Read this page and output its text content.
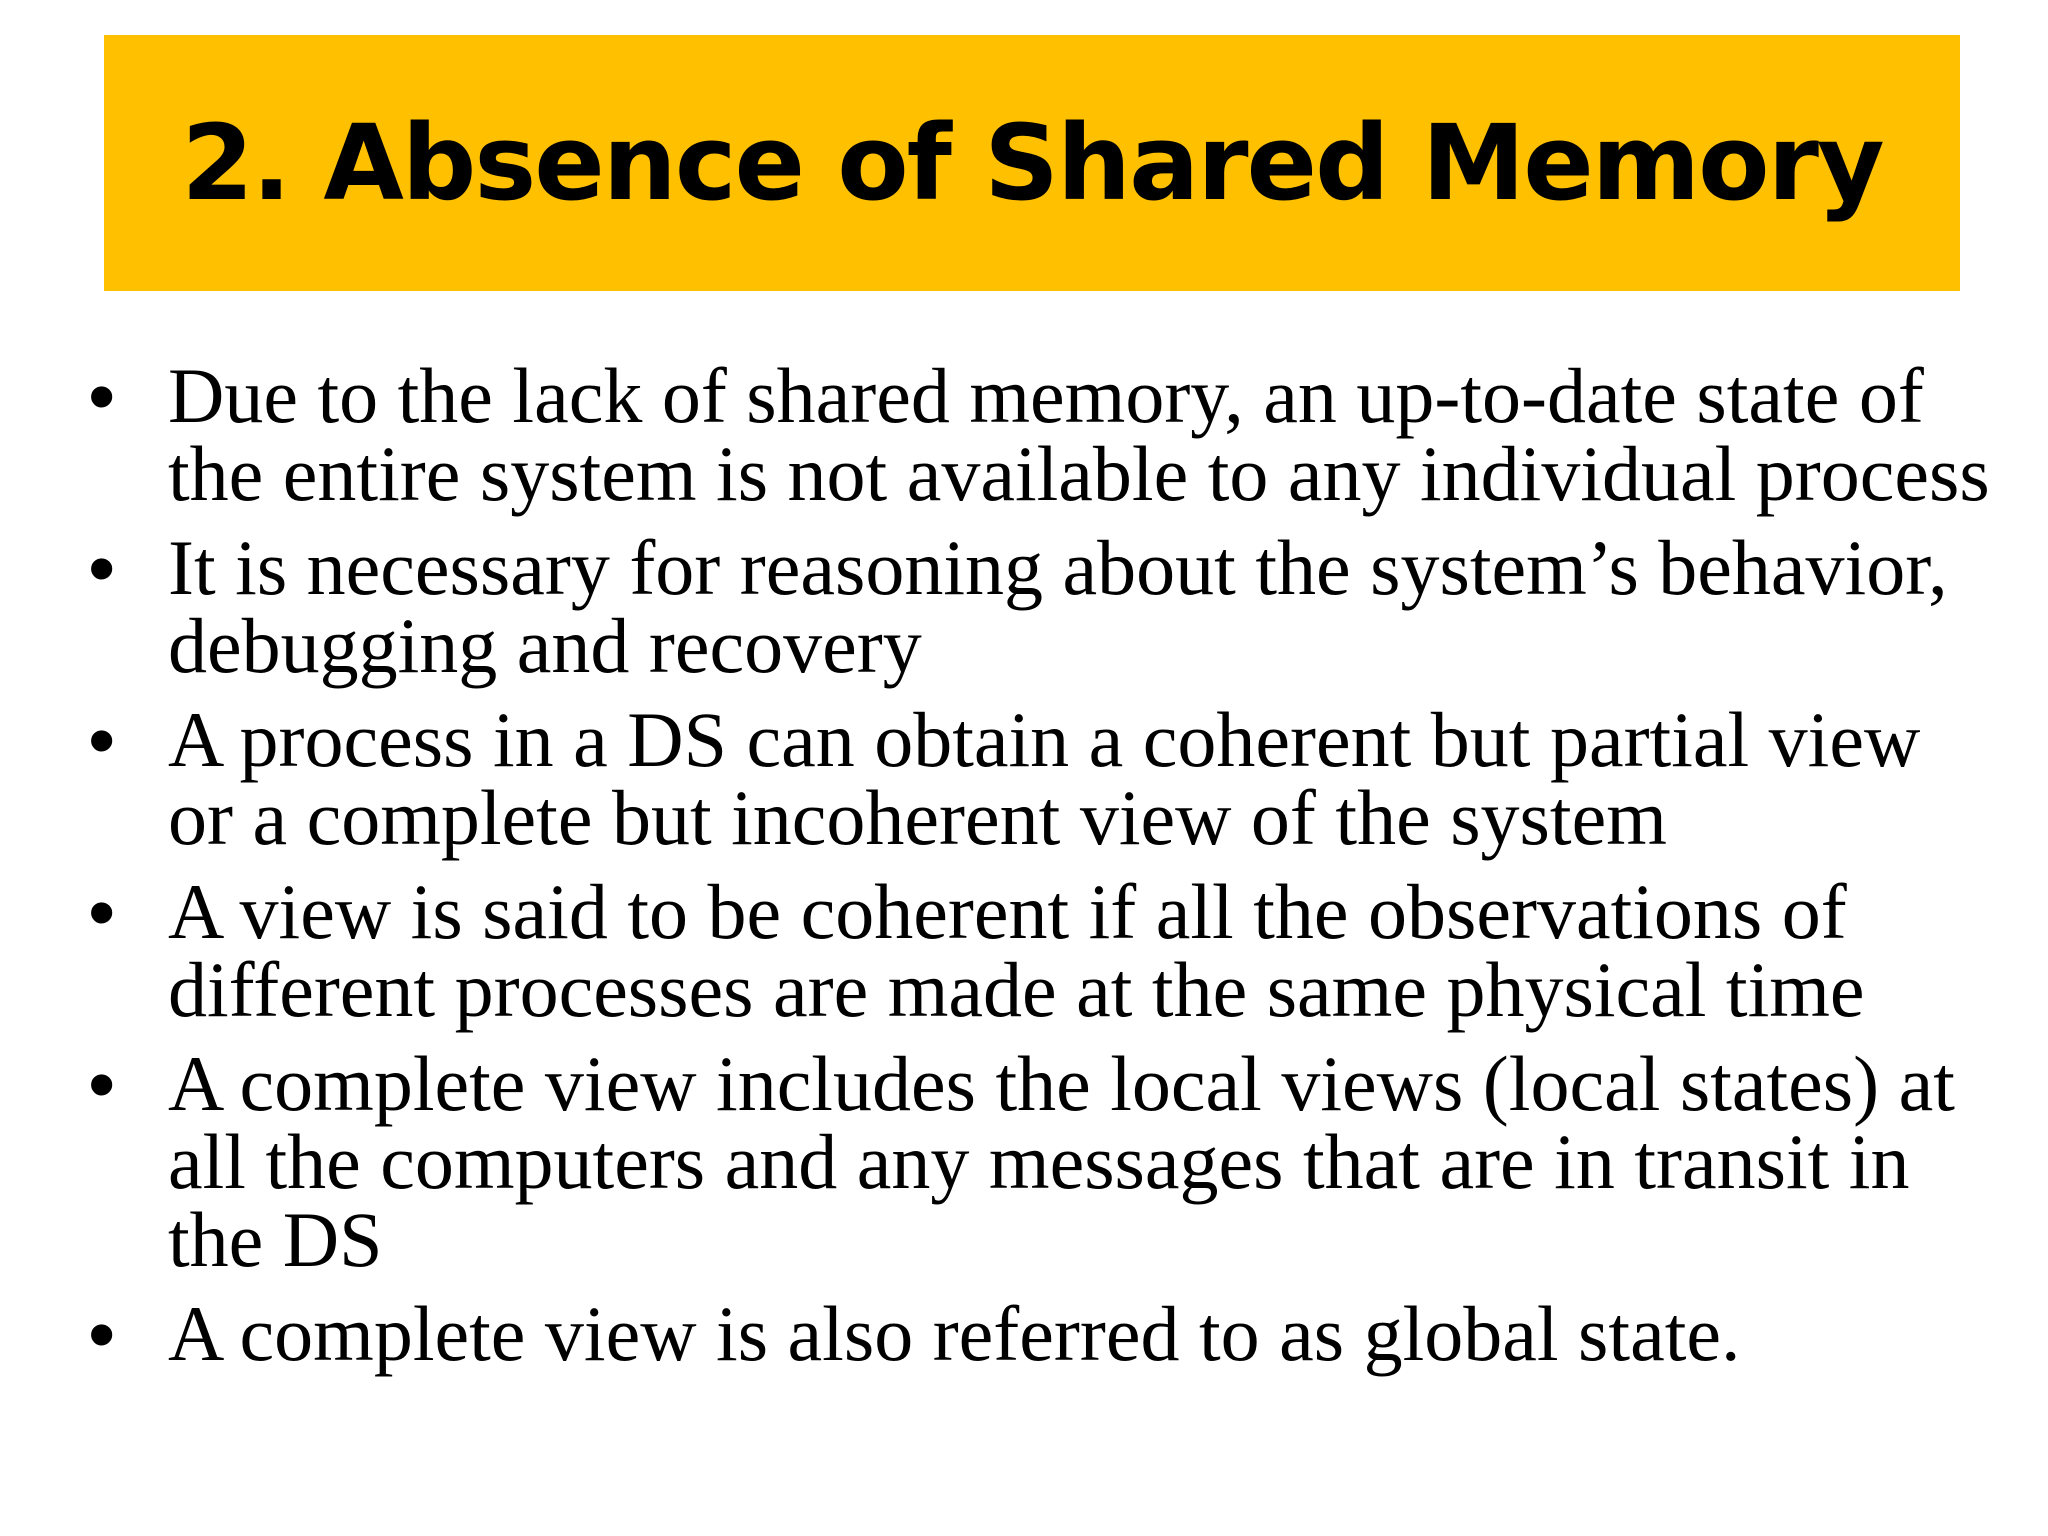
2. Absence of Shared Memory
• Due to the lack of shared memory, an up-to-date state of the entire system is not available to any individual process
• It is necessary for reasoning about the system’s behavior, debugging and recovery
• A process in a DS can obtain a coherent but partial view or a complete but incoherent view of the system
• A view is said to be coherent if all the observations of different processes are made at the same physical time
• A complete view includes the local views (local states) at all the computers and any messages that are in transit in the DS
• A complete view is also referred to as global state.
